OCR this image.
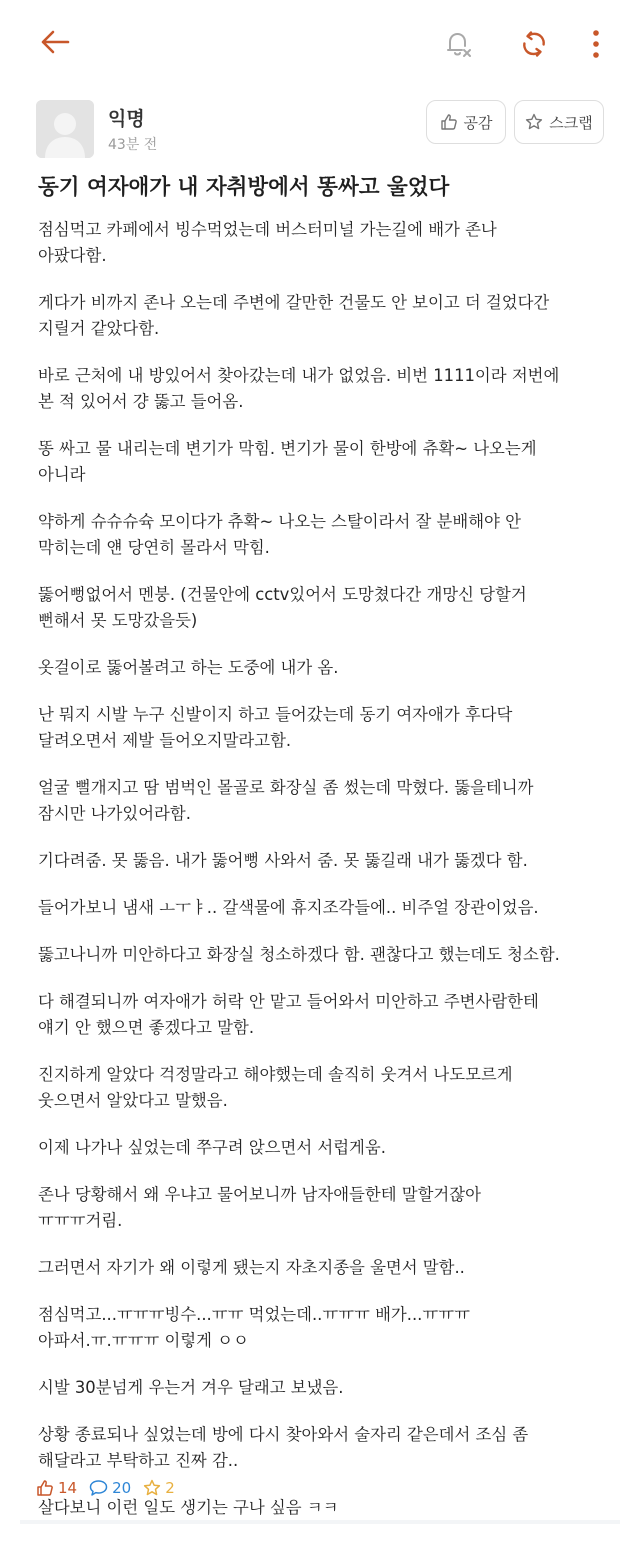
익명
43분 전
공감	스크랩
동기 여자애가 내 자취방에서 똥싸고 울었다

점심먹고 카페에서 빙수먹었는데 버스터미널 가는길에 배가 존나
아팠다함.

게다가 비까지 존나 오는데 주변에 갈만한 건물도 안 보이고 더 걸었다간
지릴거 같았다함.

바로 근처에 내 방있어서 찾아갔는데 내가 없었음. 비번 1111이라 저번에
본 적 있어서 걍 뚫고 들어옴.

똥 싸고 물 내리는데 변기가 막힘. 변기가 물이 한방에 츄확~ 나오는게
아니라

약하게 슈슈슈슉 모이다가 츄확~ 나오는 스탈이라서 잘 분배해야 안
막히는데 얜 당연히 몰라서 막힘.

뚫어뻥없어서 멘붕. (건물안에 cctv있어서 도망쳤다간 개망신 당할거
뻔해서 못 도망갔을듯)

옷걸이로 뚫어볼려고 하는 도중에 내가 옴.

난 뭐지 시발 누구 신발이지 하고 들어갔는데 동기 여자애가 후다닥
달려오면서 제발 들어오지말라고함.

얼굴 뻘개지고 땀 범벅인 몰골로 화장실 좀 썼는데 막혔다. 뚫을테니까
잠시만 나가있어라함.

기다려줌. 못 뚫음. 내가 뚫어뻥 사와서 줌. 못 뚫길래 내가 뚫겠다 함.

들어가보니 냄새 ㅗㅜㅑ.. 갈색물에 휴지조각들에.. 비주얼 장관이었음.

뚫고나니까 미안하다고 화장실 청소하겠다 함. 괜찮다고 했는데도 청소함.

다 해결되니까 여자애가 허락 안 맡고 들어와서 미안하고 주변사람한테
얘기 안 했으면 좋겠다고 말함.

진지하게 알았다 걱정말라고 해야했는데 솔직히 웃겨서 나도모르게
웃으면서 알았다고 말했음.

이제 나가나 싶었는데 쭈구려 앉으면서 서럽게움.

존나 당황해서 왜 우냐고 물어보니까 남자애들한테 말할거잖아
ㅠㅠㅠ거림.

그러면서 자기가 왜 이렇게 됐는지 자초지종을 울면서 말함..

점심먹고...ㅠㅠㅠ빙수...ㅠㅠ 먹었는데..ㅠㅠㅠ 배가...ㅠㅠㅠ
아파서.ㅠ.ㅠㅠㅠ 이렇게 ㅇㅇ

시발 30분넘게 우는거 겨우 달래고 보냈음.

상황 종료되나 싶었는데 방에 다시 찾아와서 술자리 같은데서 조심 좀
해달라고 부탁하고 진짜 감..

살다보니 이런 일도 생기는 구나 싶음 ㅋㅋ

14 20 2
